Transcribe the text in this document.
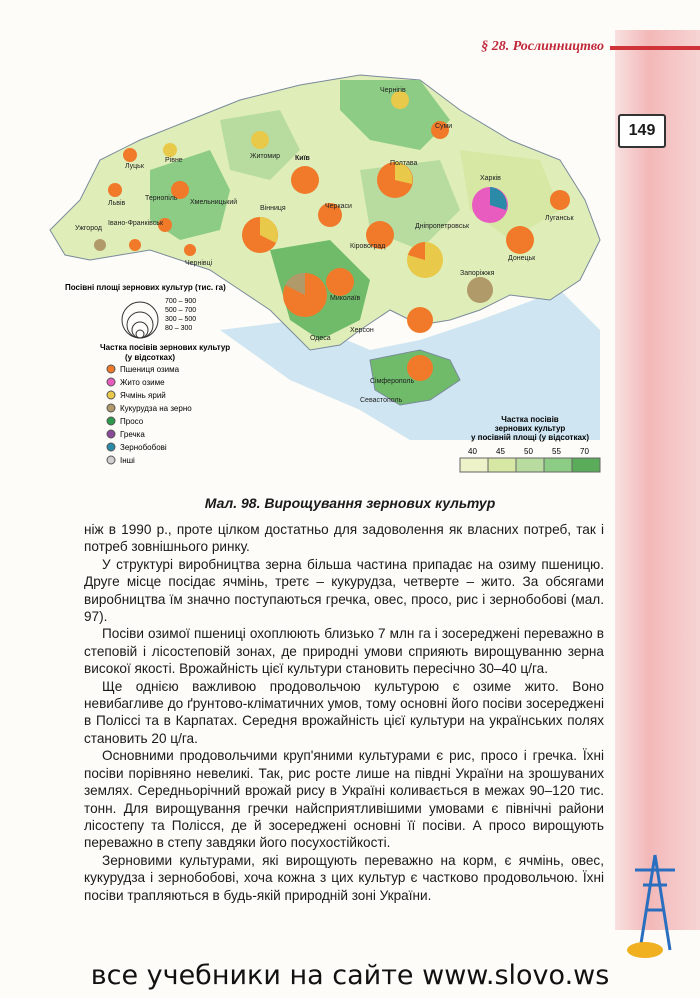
§ 28. Рослинництво
149
Чернігів
Суми
Луцьк
Рівне
Житомир Київ
Львів
Тернопіль
Хмельницький
Вінниця	Черкаси
Полтава
Харків
Ужгород
Івано-Франківськ
Чернівці
Кіровоград
Дніпропетровськ
Луганськ
Донецьк
Запоріжжя
Миколаїв
Одеса
Херсон
Сімферополь
Севастополь
Посівні площі зернових культур (тис. га)
700 – 900
500 – 700
300 – 500
80 – 300
Частка посівів зернових культур
(у відсотках)
Пшениця озима
Жито озиме
Ячмінь ярий
Кукурудза на зерно
Просо
Гречка
Зернобобові
Інші
Частка посівів
зернових культур
у посівній площі (у відсотках)
40 45 50 55 70
Мал. 98. Вирощування зернових культур

ніж в 1990 р., проте цілком достатньо для задоволення як власних потреб, так і потреб зовнішнього ринку.

У структурі виробництва зерна більша частина припадає на озиму пшеницю. Друге місце посідає ячмінь, третє – кукурудза, четверте – жито. За обсягами виробництва їм значно поступаються гречка, овес, просо, рис і зернобобові (мал. 97).

Посіви озимої пшениці охоплюють близько 7 млн га і зосереджені переважно в степовій і лісостеповій зонах, де природні умови сприяють вирощуванню зерна високої якості. Врожайність цієї культури становить пересічно 30–40 ц/га.

Ще однією важливою продовольчою культурою є озиме жито. Воно невибагливе до ґрунтово-кліматичних умов, тому основні його посіви зосереджені в Поліссі та в Карпатах. Середня врожайність цієї культури на українських полях становить 20 ц/га.

Основними продовольчими круп'яними культурами є рис, просо і гречка. Їхні посіви порівняно невеликі. Так, рис росте лише на півдні України на зрошуваних землях. Середньорічний врожай рису в Україні коливається в межах 90–120 тис. тонн. Для вирощування гречки найсприятливішими умовами є північні райони лісостепу та Полісся, де й зосереджені основні її посіви. А просо вирощують переважно в степу завдяки його посухостійкості.

Зерновими культурами, які вирощують переважно на корм, є ячмінь, овес, кукурудза і зернобобові, хоча кожна з цих культур є частково продовольчою. Їхні посіви трапляються в будь-якій природній зоні України.

все учебники на сайте www.slovo.ws
